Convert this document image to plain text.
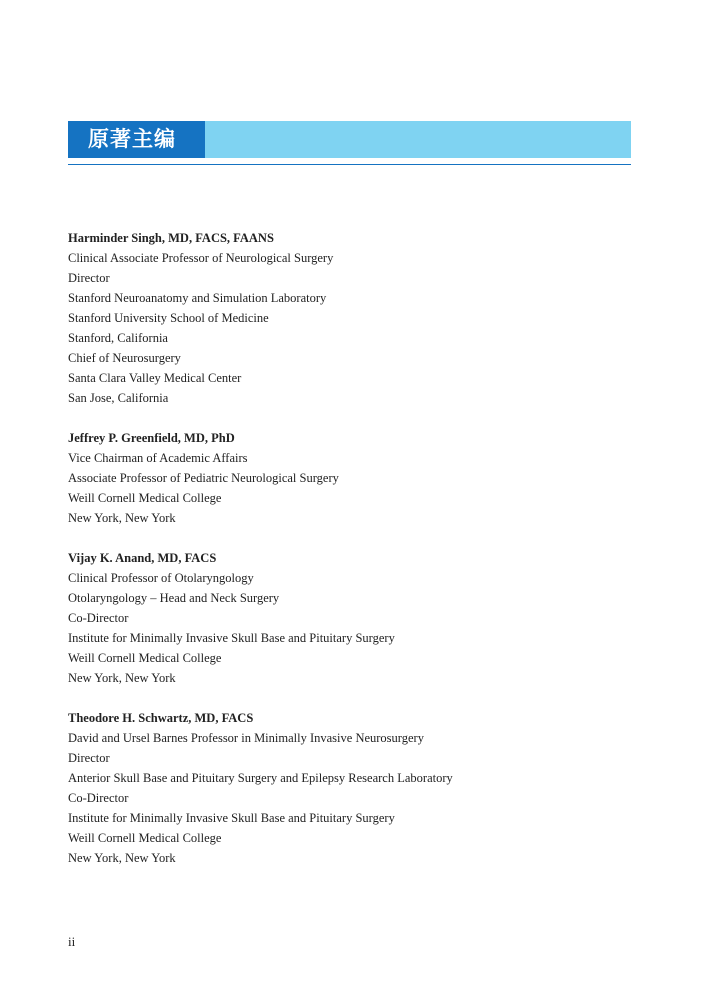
原著主编
Harminder Singh, MD, FACS, FAANS
Clinical Associate Professor of Neurological Surgery
Director
Stanford Neuroanatomy and Simulation Laboratory
Stanford University School of Medicine
Stanford, California
Chief of Neurosurgery
Santa Clara Valley Medical Center
San Jose, California
Jeffrey P. Greenfield, MD, PhD
Vice Chairman of Academic Affairs
Associate Professor of Pediatric Neurological Surgery
Weill Cornell Medical College
New York, New York
Vijay K. Anand, MD, FACS
Clinical Professor of Otolaryngology
Otolaryngology – Head and Neck Surgery
Co-Director
Institute for Minimally Invasive Skull Base and Pituitary Surgery
Weill Cornell Medical College
New York, New York
Theodore H. Schwartz, MD, FACS
David and Ursel Barnes Professor in Minimally Invasive Neurosurgery
Director
Anterior Skull Base and Pituitary Surgery and Epilepsy Research Laboratory
Co-Director
Institute for Minimally Invasive Skull Base and Pituitary Surgery
Weill Cornell Medical College
New York, New York
ii
